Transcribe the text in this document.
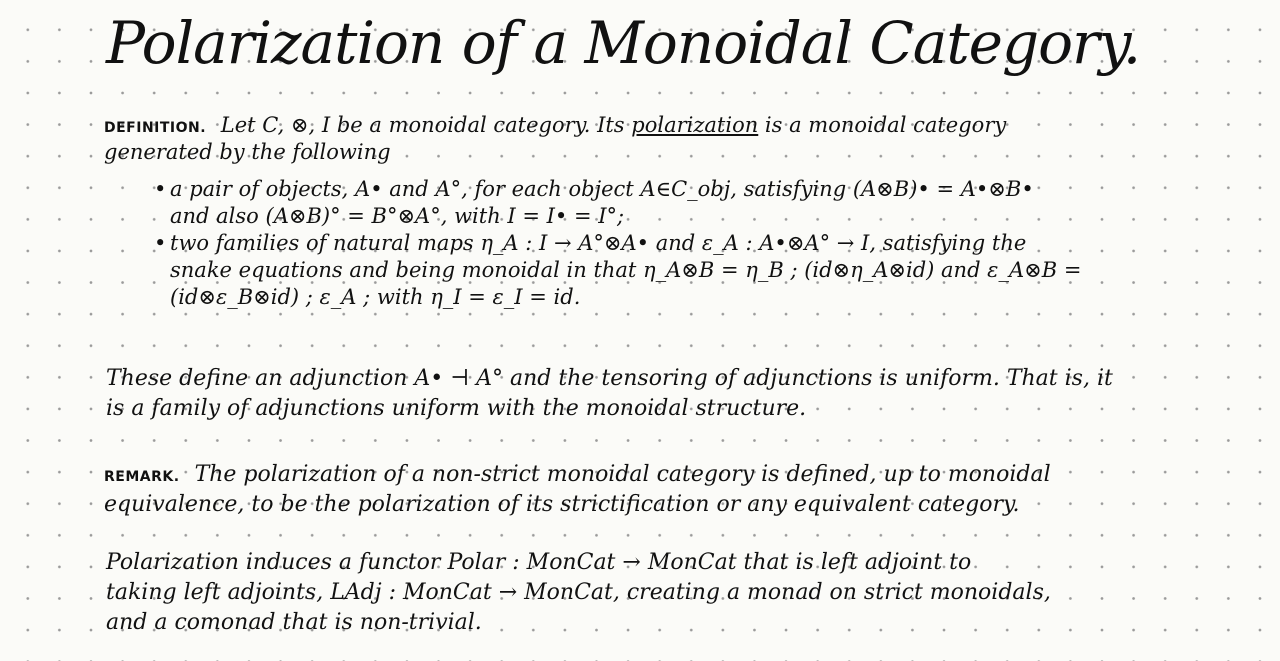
Polarization of a Monoidal Category.
DEFINITION. Let C, ⊗, I be a monoidal category. Its polarization is a monoidal category
generated by the following
• a pair of objects, A• and A°, for each object A∈C_obj, satisfying (A⊗B)• = A•⊗B•
and also (A⊗B)° = B°⊗A°, with I = I• = I°;
• two families of natural maps η_A : I → A°⊗A• and ε_A : A•⊗A° → I, satisfying the
snake equations and being monoidal in that η_A⊗B = η_B ; (id⊗η_A⊗id) and ε_A⊗B =
(id⊗ε_B⊗id) ; ε_A ; with η_I = ε_I = id.
These define an adjunction A• ⊣ A° and the tensoring of adjunctions is uniform. That is, it
is a family of adjunctions uniform with the monoidal structure.
REMARK. The polarization of a non-strict monoidal category is defined, up to monoidal
equivalence, to be the polarization of its strictification or any equivalent category.
Polarization induces a functor Polar : MonCat → MonCat that is left adjoint to
taking left adjoints, LAdj : MonCat → MonCat, creating a monad on strict monoidals,
and a comonad that is non-trivial.
